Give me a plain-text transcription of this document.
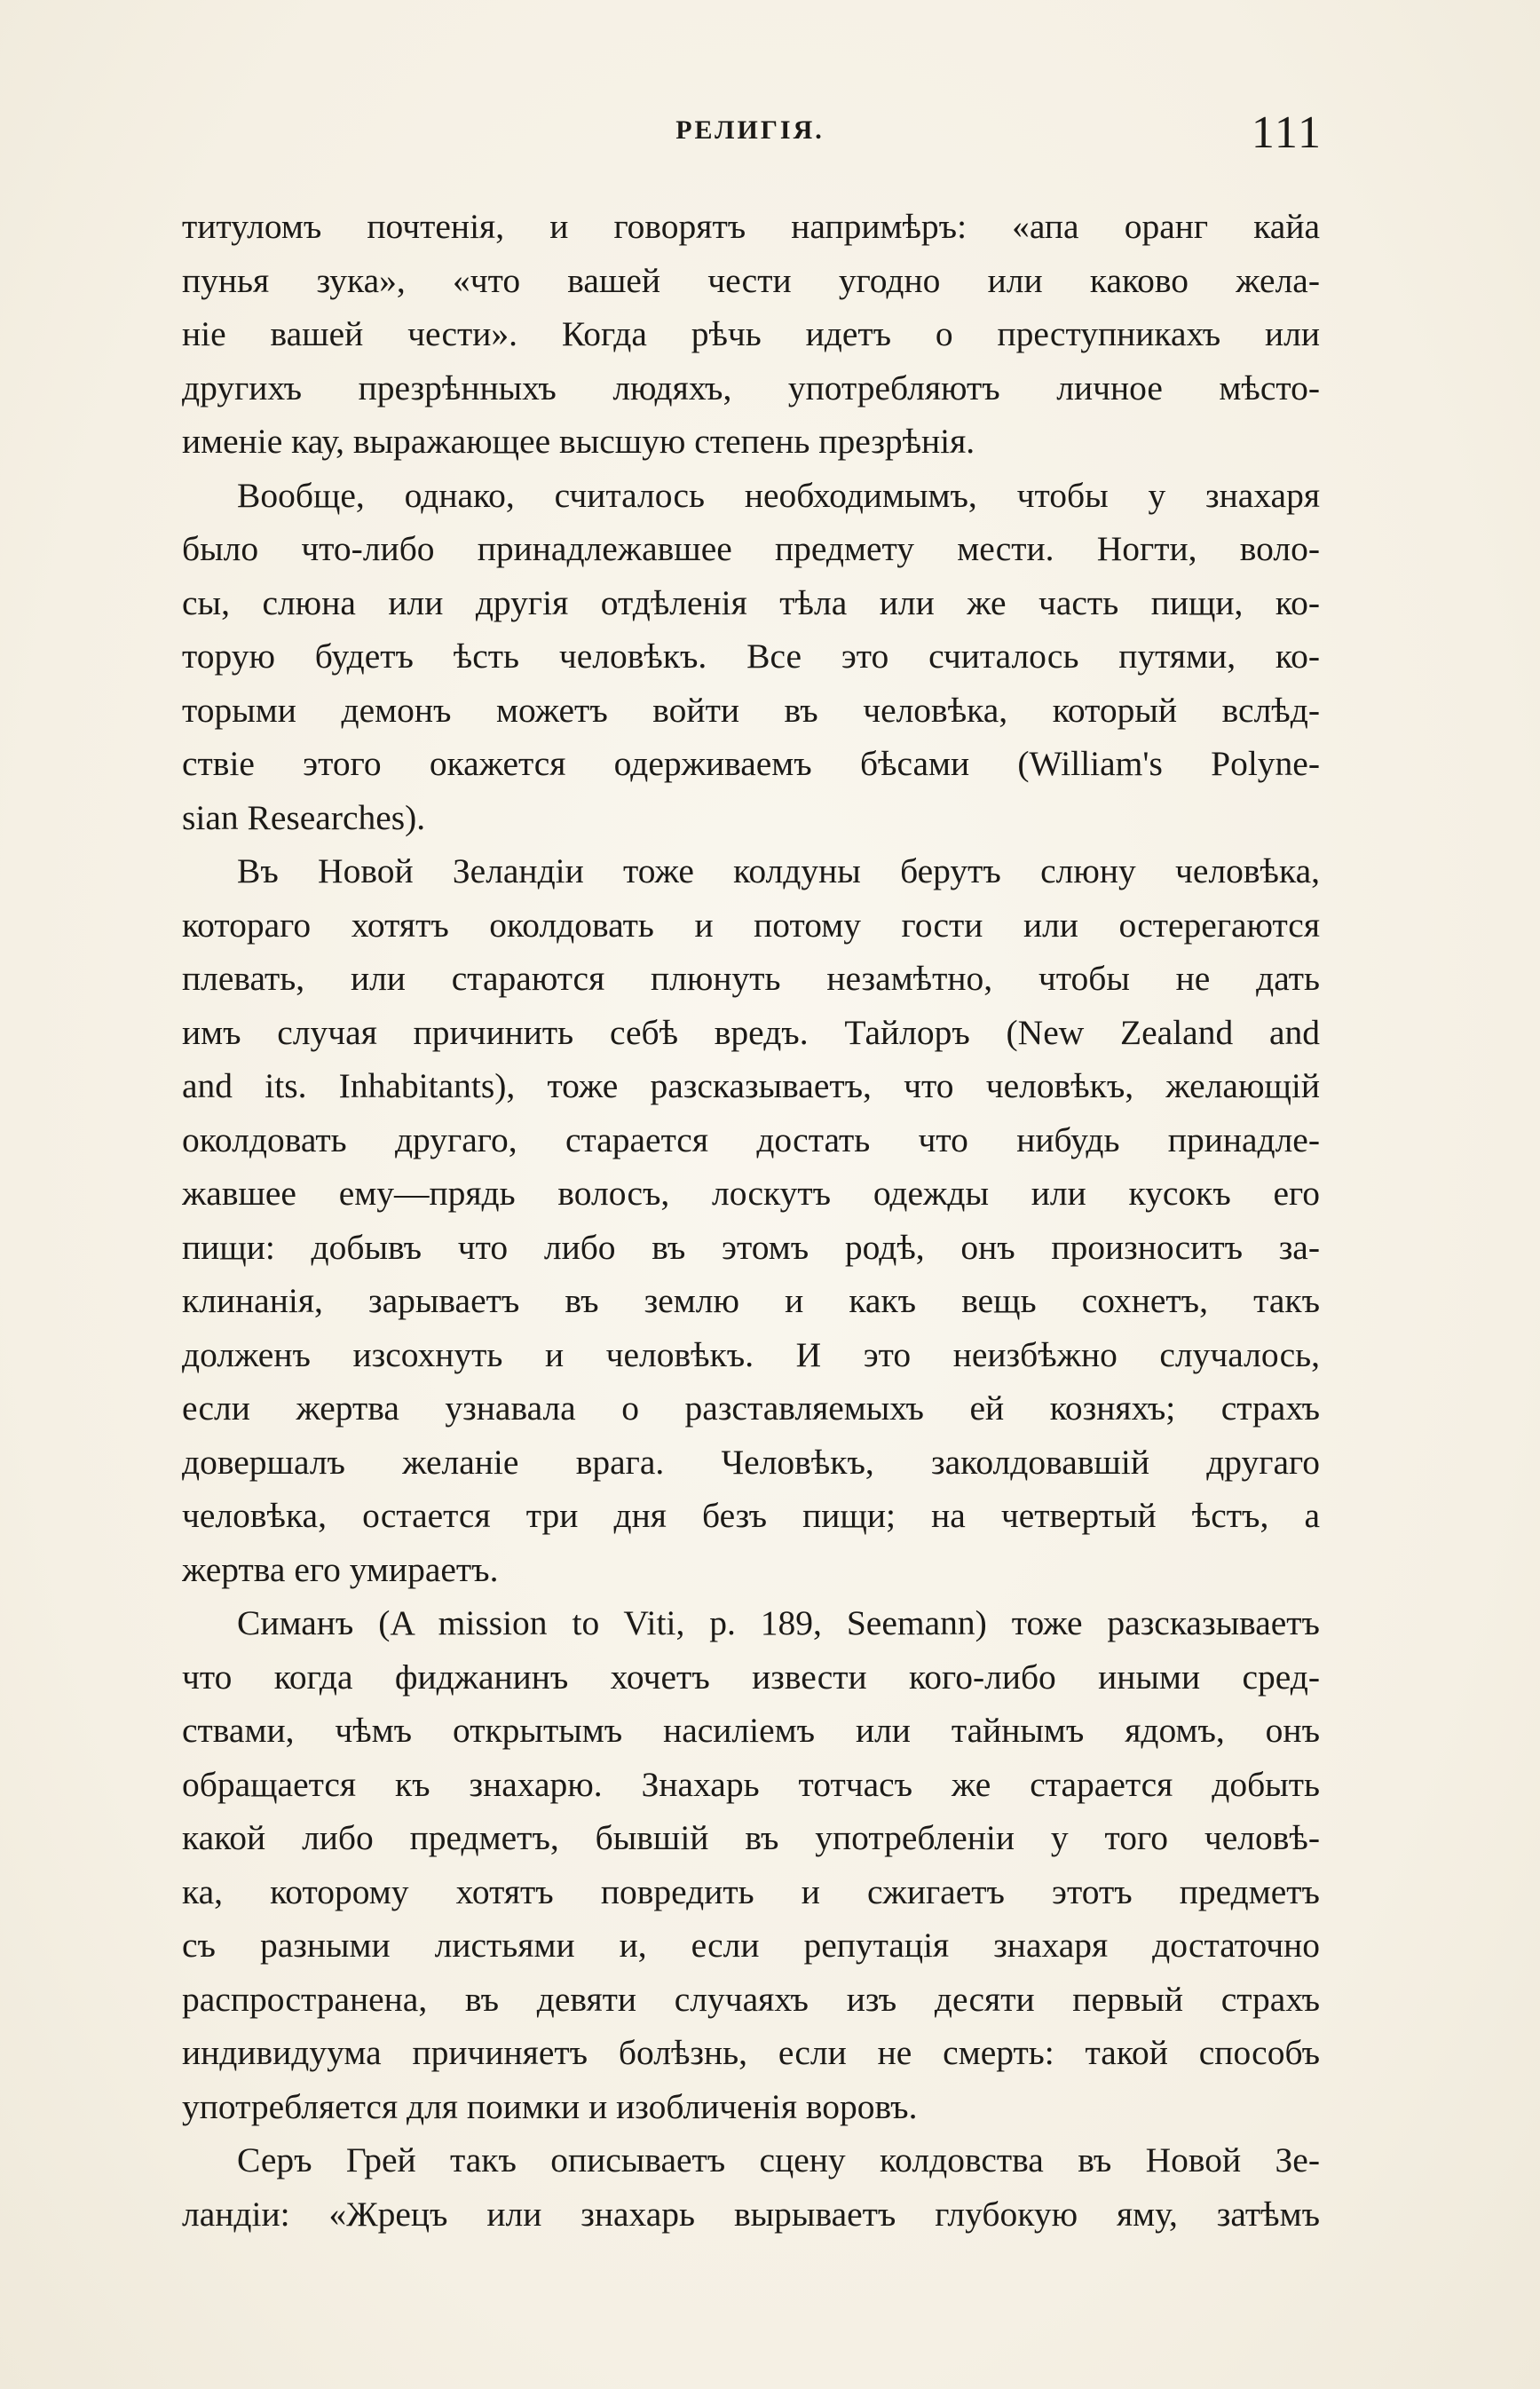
РЕЛИГІЯ.	111
титуломъ почтенія, и говорятъ напримѣръ: «апа оранг кайа
пунья зука», «что вашей чести угодно или каково жела-
ніе вашей чести». Когда рѣчь идетъ о преступникахъ или
другихъ презрѣнныхъ людяхъ, употребляютъ личное мѣсто-
именіе кау, выражающее высшую степень презрѣнія.
Вообще, однако, считалось необходимымъ, чтобы у знахаря
было что-либо принадлежавшее предмету мести. Ногти, воло-
сы, слюна или другія отдѣленія тѣла или же часть пищи, ко-
торую будетъ ѣсть человѣкъ. Все это считалось путями, ко-
торыми демонъ можетъ войти въ человѣка, который вслѣд-
ствіе этого окажется одерживаемъ бѣсами (William's Polyne-
sian Researches).
Въ Новой Зеландіи тоже колдуны берутъ слюну человѣка,
котораго хотятъ околдовать и потому гости или остерегаются
плевать, или стараются плюнуть незамѣтно, чтобы не дать
имъ случая причинить себѣ вредъ. Тайлоръ (New Zealand and
and its. Inhabitants), тоже разсказываетъ, что человѣкъ, желающій
околдовать другаго, старается достать что нибудь принадле-
жавшее ему—прядь волосъ, лоскутъ одежды или кусокъ его
пищи: добывъ что либо въ этомъ родѣ, онъ произноситъ за-
клинанія, зарываетъ въ землю и какъ вещь сохнетъ, такъ
долженъ изсохнуть и человѣкъ. И это неизбѣжно случалось,
если жертва узнавала о разставляемыхъ ей козняхъ; страхъ
довершалъ желаніе врага. Человѣкъ, заколдовавшій другаго
человѣка, остается три дня безъ пищи; на четвертый ѣстъ, а
жертва его умираетъ.
Симанъ (A mission to Viti, p. 189, Seemann) тоже разсказываетъ
что когда фиджанинъ хочетъ извести кого-либо иными сред-
ствами, чѣмъ открытымъ насиліемъ или тайнымъ ядомъ, онъ
обращается къ знахарю. Знахарь тотчасъ же старается добыть
какой либо предметъ, бывшій въ употребленіи у того человѣ-
ка, которому хотятъ повредить и сжигаетъ этотъ предметъ
съ разными листьями и, если репутація знахаря достаточно
распространена, въ девяти случаяхъ изъ десяти первый страхъ
индивидуума причиняетъ болѣзнь, если не смерть: такой способъ
употребляется для поимки и изобличенія воровъ.
Серъ Грей такъ описываетъ сцену колдовства въ Новой Зе-
ландіи: «Жрецъ или знахарь вырываетъ глубокую яму, затѣмъ
